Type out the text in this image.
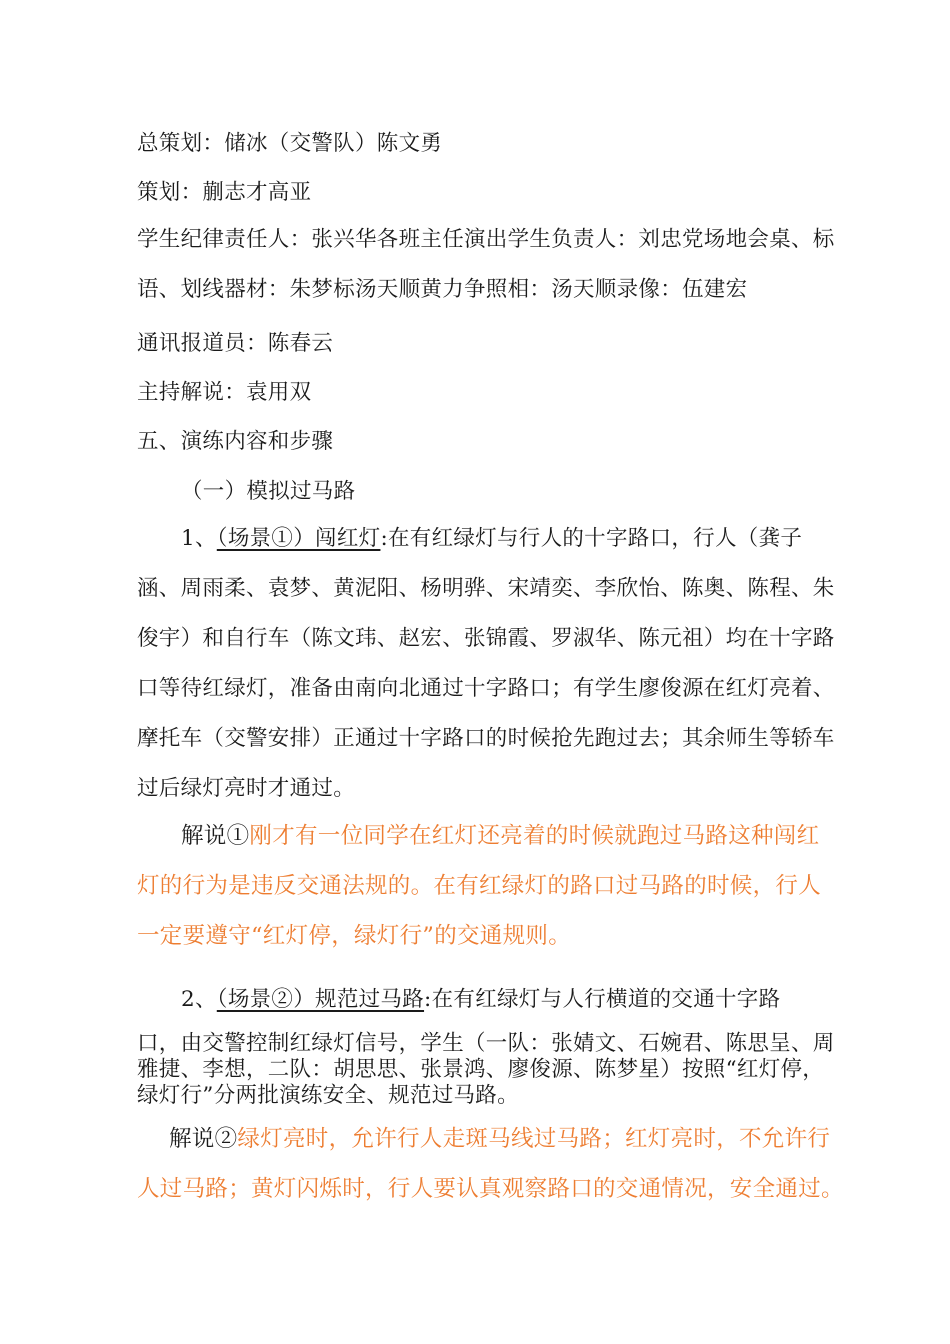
总策划：储冰（交警队）陈文勇

策划：蒯志才高亚

学生纪律责任人：张兴华各班主任演出学生负责人：刘忠党场地会桌、标
语、划线器材：朱梦标汤天顺黄力争照相：汤天顺录像：伍建宏

通讯报道员：陈春云

主持解说：袁用双

五、演练内容和步骤

（一）模拟过马路

1、（场景①）闯红灯:在有红绿灯与行人的十字路口，行人（龚子
涵、周雨柔、袁梦、黄泥阳、杨明骅、宋靖奕、李欣怡、陈奥、陈程、朱
俊宇）和自行车（陈文玮、赵宏、张锦霞、罗淑华、陈元祖）均在十字路
口等待红绿灯，准备由南向北通过十字路口；有学生廖俊源在红灯亮着、
摩托车（交警安排）正通过十字路口的时候抢先跑过去；其余师生等轿车
过后绿灯亮时才通过。
解说①刚才有一位同学在红灯还亮着的时候就跑过马路这种闯红
灯的行为是违反交通法规的。在有红绿灯的路口过马路的时候，行人
一定要遵守“红灯停，绿灯行”的交通规则。

2、（场景②）规范过马路:在有红绿灯与人行横道的交通十字路

口，由交警控制红绿灯信号，学生（一队：张婧文、石婉君、陈思呈、周
雅捷、李想，二队：胡思思、张景鸿、廖俊源、陈梦星）按照“红灯停，
绿灯行”分两批演练安全、规范过马路。
解说②绿灯亮时，允许行人走斑马线过马路；红灯亮时，不允许行
人过马路；黄灯闪烁时，行人要认真观察路口的交通情况，安全通过。
